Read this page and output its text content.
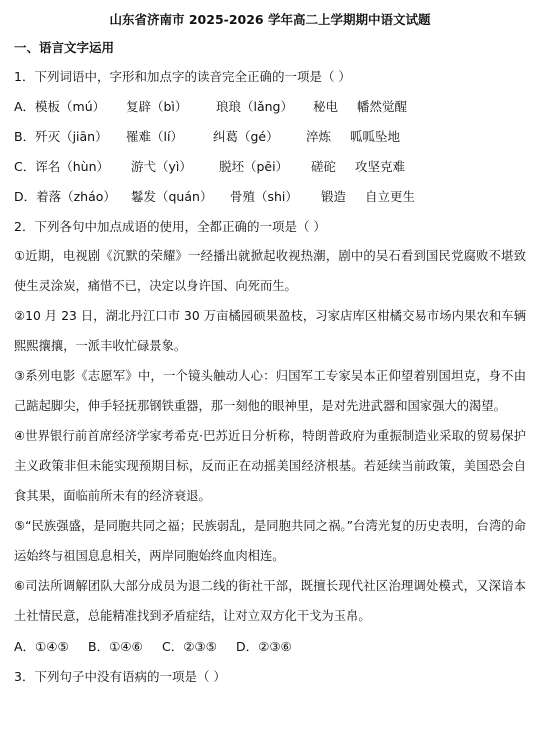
山东省济南市 2025-2026 学年高二上学期期中语文试题
一、语言文字运用
1．下列词语中，字形和加点字的读音完全正确的一项是（ ）
A．模板（mú）	复辟（bì）	琅琅（lǎng）	秘电	幡然觉醒
B．歼灭（jiān）	罹难（lí）	纠葛（gé）	淬炼	呱呱坠地
C．诨名（hùn）	游弋（yì）	脱坯（pēi）	磋砣	攻坚克难
D．着落（zháo）	鬈发（quán）	骨殖（shi）	锻造	自立更生
2．下列各句中加点成语的使用，全都正确的一项是（ ）

①近期，电视剧《沉默的荣耀》一经播出就掀起收视热潮，剧中的吴石看到国民党腐败不堪致使生灵涂炭，痛惜不已，决定以身许国、向死而生。

②10 月 23 日，湖北丹江口市 30 万亩橘园硕果盈枝，习家店库区柑橘交易市场内果农和车辆熙熙攘攘，一派丰收忙碌景象。

③系列电影《志愿军》中，一个镜头触动人心：归国军工专家吴本正仰望着别国坦克，身不由己踮起脚尖，伸手轻抚那钢铁重器，那一刻他的眼神里，是对先进武器和国家强大的渴望。

④世界银行前首席经济学家考希克·巴苏近日分析称，特朗普政府为重振制造业采取的贸易保护主义政策非但未能实现预期目标，反而正在动摇美国经济根基。若延续当前政策，美国恐会自食其果，面临前所未有的经济衰退。

⑤“民族强盛，是同胞共同之福；民族弱乱，是同胞共同之祸。”台湾光复的历史表明，台湾的命运始终与祖国息息相关，两岸同胞始终血肉相连。

⑥司法所调解团队大部分成员为退二线的街社干部，既擅长现代社区治理调处模式，又深谙本土社情民意，总能精准找到矛盾症结，让对立双方化干戈为玉帛。

A．①④⑤	B．①④⑥	C．②③⑤	D．②③⑥
3．下列句子中没有语病的一项是（ ）
